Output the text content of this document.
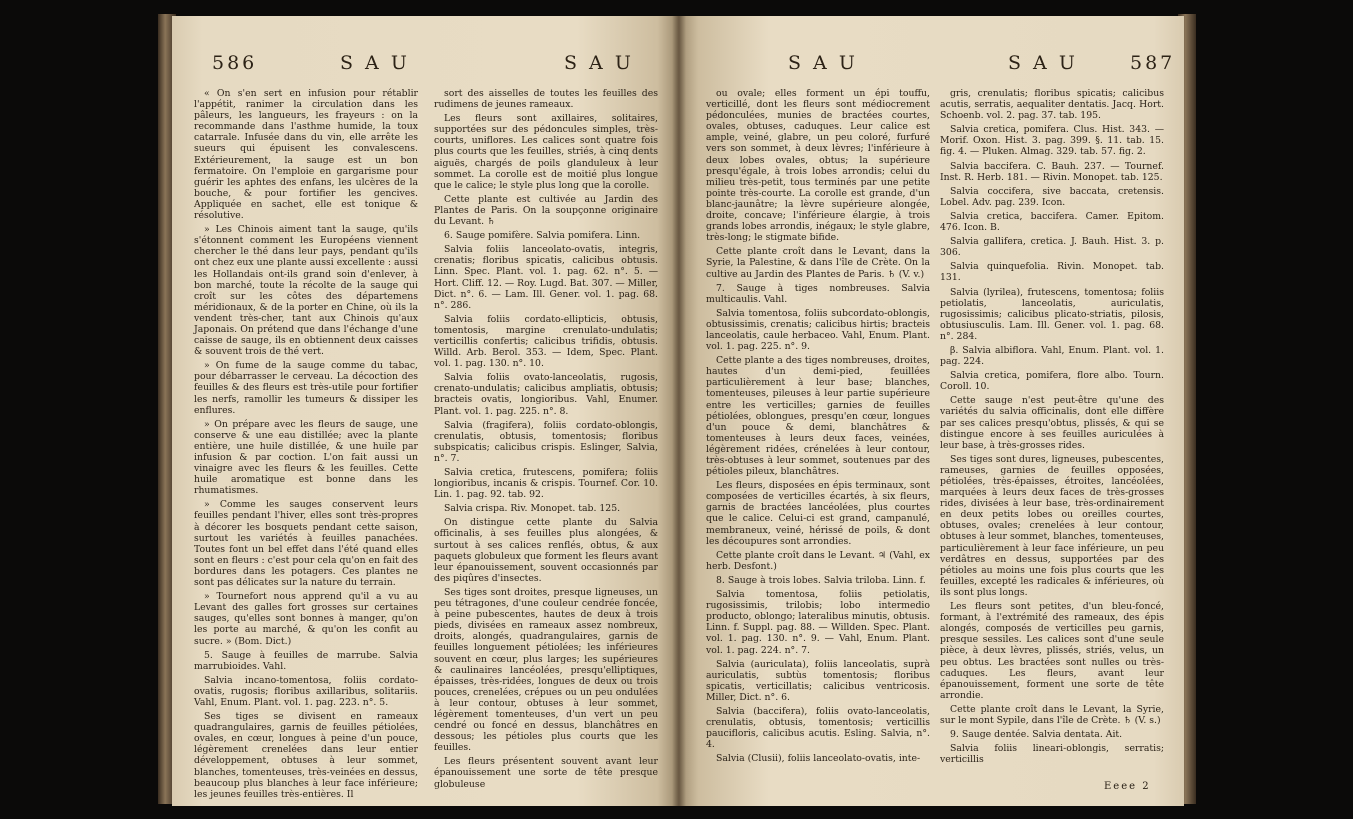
586	S A U	S A U

« On s'en sert en infusion pour rétablir l'appétit, ranimer la circulation dans les pâleurs, les langueurs, les frayeurs : on la recommande dans l'asthme humide, la toux catarrale. Infusée dans du vin, elle arrête les sueurs qui épuisent les convalescens. Extérieurement, la sauge est un bon fermatoire. On l'emploie en gargarisme pour guérir les aphtes des enfans, les ulcères de la bouche, & pour fortifier les gencives. Appliquée en sachet, elle est tonique & résolutive.

» Les Chinois aiment tant la sauge, qu'ils s'étonnent comment les Européens viennent chercher le thé dans leur pays, pendant qu'ils ont chez eux une plante aussi excellente : aussi les Hollandais ont-ils grand soin d'enlever, à bon marché, toute la récolte de la sauge qui croît sur les côtes des départemens méridionaux, & de la porter en Chine, où ils la vendent très-cher, tant aux Chinois qu'aux Japonais. On prétend que dans l'échange d'une caisse de sauge, ils en obtiennent deux caisses & souvent trois de thé vert.

» On fume de la sauge comme du tabac, pour débarrasser le cerveau. La décoction des feuilles & des fleurs est très-utile pour fortifier les nerfs, ramollir les tumeurs & dissiper les enflures.

» On prépare avec les fleurs de sauge, une conserve & une eau distillée; avec la plante entière, une huile distillée, & une huile par infusion & par coction. L'on fait aussi un vinaigre avec les fleurs & les feuilles. Cette huile aromatique est bonne dans les rhumatismes.

» Comme les sauges conservent leurs feuilles pendant l'hiver, elles sont très-propres à décorer les bosquets pendant cette saison, surtout les variétés à feuilles panachées. Toutes font un bel effet dans l'été quand elles sont en fleurs : c'est pour cela qu'on en fait des bordures dans les potagers. Ces plantes ne sont pas délicates sur la nature du terrain.

» Tournefort nous apprend qu'il a vu au Levant des galles fort grosses sur certaines sauges, qu'elles sont bonnes à manger, qu'on les porte au marché, & qu'on les confit au sucre. » (Bom. Dict.)

5. Sauge à feuilles de marrube. Salvia marrubioides. Vahl.

Salvia incano-tomentosa, foliis cordato-ovatis, rugosis; floribus axillaribus, solitariis. Vahl, Enum. Plant. vol. 1. pag. 223. n°. 5.

Ses tiges se divisent en rameaux quadrangulaires, garnis de feuilles pétiolées, ovales, en cœur, longues à peine d'un pouce, légèrement crenelées dans leur entier développement, obtuses à leur sommet, blanches, tomenteuses, très-veinées en dessus, beaucoup plus blanches à leur face inférieure; les jeunes feuilles très-entières. Il

sort des aisselles de toutes les feuilles des rudimens de jeunes rameaux.

Les fleurs sont axillaires, solitaires, supportées sur des pédoncules simples, très-courts, uniflores. Les calices sont quatre fois plus courts que les feuilles, striés, à cinq dents aiguës, chargés de poils glanduleux à leur sommet. La corolle est de moitié plus longue que le calice; le style plus long que la corolle.

Cette plante est cultivée au Jardin des Plantes de Paris. On la soupçonne originaire du Levant. ♄

6. Sauge pomifère. Salvia pomifera. Linn.

Salvia foliis lanceolato-ovatis, integris, crenatis; floribus spicatis, calicibus obtusis. Linn. Spec. Plant. vol. 1. pag. 62. n°. 5. — Hort. Cliff. 12. — Roy. Lugd. Bat. 307. — Miller, Dict. n°. 6. — Lam. Ill. Gener. vol. 1. pag. 68. n°. 286.

Salvia foliis cordato-ellipticis, obtusis, tomentosis, margine crenulato-undulatis; verticillis confertis; calicibus trifidis, obtusis. Willd. Arb. Berol. 353. — Idem, Spec. Plant. vol. 1. pag. 130. n°. 10.

Salvia foliis ovato-lanceolatis, rugosis, crenato-undulatis; calicibus ampliatis, obtusis; bracteis ovatis, longioribus. Vahl, Enumer. Plant. vol. 1. pag. 225. n°. 8.

Salvia (fragifera), foliis cordato-oblongis, crenulatis, obtusis, tomentosis; floribus subspicatis; calicibus crispis. Eslinger, Salvia, n°. 7.

Salvia cretica, frutescens, pomifera; foliis longioribus, incanis & crispis. Tournef. Cor. 10. Lin. 1. pag. 92. tab. 92.

Salvia crispa. Riv. Monopet. tab. 125.

On distingue cette plante du Salvia officinalis, à ses feuilles plus alongées, & surtout à ses calices renflés, obtus, & aux paquets globuleux que forment les fleurs avant leur épanouissement, souvent occasionnés par des piqûres d'insectes.

Ses tiges sont droites, presque ligneuses, un peu tétragones, d'une couleur cendrée foncée, à peine pubescentes, hautes de deux à trois pieds, divisées en rameaux assez nombreux, droits, alongés, quadrangulaires, garnis de feuilles longuement pétiolées; les inférieures souvent en cœur, plus larges; les supérieures & caulinaires lancéolées, presqu'elliptiques, épaisses, très-ridées, longues de deux ou trois pouces, crenelées, crépues ou un peu ondulées à leur contour, obtuses à leur sommet, légèrement tomenteuses, d'un vert un peu cendré ou foncé en dessus, blanchâtres en dessous; les pétioles plus courts que les feuilles.

Les fleurs présentent souvent avant leur épanouissement une sorte de tête presque globuleuse

S A U	S A U	587

ou ovale; elles forment un épi touffu, verticillé, dont les fleurs sont médiocrement pédonculées, munies de bractées courtes, ovales, obtuses, caduques. Leur calice est ample, veiné, glabre, un peu coloré, furfuré vers son sommet, à deux lèvres; l'inférieure à deux lobes ovales, obtus; la supérieure presqu'égale, à trois lobes arrondis; celui du milieu très-petit, tous terminés par une petite pointe très-courte. La corolle est grande, d'un blanc-jaunâtre; la lèvre supérieure alongée, droite, concave; l'inférieure élargie, à trois grands lobes arrondis, inégaux; le style glabre, très-long; le stigmate bifide.

Cette plante croît dans le Levant, dans la Syrie, la Palestine, & dans l'île de Crète. On la cultive au Jardin des Plantes de Paris. ♄ (V. v.)

7. Sauge à tiges nombreuses. Salvia multicaulis. Vahl.

Salvia tomentosa, foliis subcordato-oblongis, obtusissimis, crenatis; calicibus hirtis; bracteis lanceolatis, caule herbaceo. Vahl, Enum. Plant. vol. 1. pag. 225. n°. 9.

Cette plante a des tiges nombreuses, droites, hautes d'un demi-pied, feuillées particulièrement à leur base; blanches, tomenteuses, pileuses à leur partie supérieure entre les verticilles; garnies de feuilles pétiolées, oblongues, presqu'en cœur, longues d'un pouce & demi, blanchâtres & tomenteuses à leurs deux faces, veinées, légèrement ridées, crénelées à leur contour, très-obtuses à leur sommet, soutenues par des pétioles pileux, blanchâtres.

Les fleurs, disposées en épis terminaux, sont composées de verticilles écartés, à six fleurs, garnis de bractées lancéolées, plus courtes que le calice. Celui-ci est grand, campanulé, membraneux, veiné, hérissé de poils, & dont les découpures sont arrondies.

Cette plante croît dans le Levant. ♃ (Vahl, ex herb. Desfont.)

8. Sauge à trois lobes. Salvia triloba. Linn. f.

Salvia tomentosa, foliis petiolatis, rugosissimis, trilobis; lobo intermedio producto, oblongo; lateralibus minutis, obtusis. Linn. f. Suppl. pag. 88. — Willden. Spec. Plant. vol. 1. pag. 130. n°. 9. — Vahl, Enum. Plant. vol. 1. pag. 224. n°. 7.

Salvia (auriculata), foliis lanceolatis, suprà auriculatis, subtùs tomentosis; floribus spicatis, verticillatis; calicibus ventricosis. Miller, Dict. n°. 6.

Salvia (baccifera), foliis ovato-lanceolatis, crenulatis, obtusis, tomentosis; verticillis paucifloris, calicibus acutis. Esling. Salvia, n°. 4.

Salvia (Clusii), foliis lanceolato-ovatis, inte-

gris, crenulatis; floribus spicatis; calicibus acutis, serratis, aequaliter dentatis. Jacq. Hort. Schoenb. vol. 2. pag. 37. tab. 195.

Salvia cretica, pomifera. Clus. Hist. 343. — Morif. Oxon. Hist. 3. pag. 399. §. 11. tab. 15. fig. 4. — Pluken. Almag. 329. tab. 57. fig. 2.

Salvia baccifera. C. Bauh. 237. — Tournef. Inst. R. Herb. 181. — Rivin. Monopet. tab. 125.

Salvia coccifera, sive baccata, cretensis. Lobel. Adv. pag. 239. Icon.

Salvia cretica, baccifera. Camer. Epitom. 476. Icon. B.

Salvia gallifera, cretica. J. Bauh. Hist. 3. p. 306.

Salvia quinquefolia. Rivin. Monopet. tab. 131.

Salvia (lyrilea), frutescens, tomentosa; foliis petiolatis, lanceolatis, auriculatis, rugosissimis; calicibus plicato-striatis, pilosis, obtusiusculis. Lam. Ill. Gener. vol. 1. pag. 68. n°. 284.

β. Salvia albiflora. Vahl, Enum. Plant. vol. 1. pag. 224.

Salvia cretica, pomifera, flore albo. Tourn. Coroll. 10.

Cette sauge n'est peut-être qu'une des variétés du salvia officinalis, dont elle diffère par ses calices presqu'obtus, plissés, & qui se distingue encore à ses feuilles auriculées à leur base, à très-grosses rides.

Ses tiges sont dures, ligneuses, pubescentes, rameuses, garnies de feuilles opposées, pétiolées, très-épaisses, étroites, lancéolées, marquées à leurs deux faces de très-grosses rides, divisées à leur base, très-ordinairement en deux petits lobes ou oreilles courtes, obtuses, ovales; crenelées à leur contour, obtuses à leur sommet, blanches, tomenteuses, particulièrement à leur face inférieure, un peu verdâtres en dessus, supportées par des pétioles au moins une fois plus courts que les feuilles, excepté les radicales & inférieures, où ils sont plus longs.

Les fleurs sont petites, d'un bleu-foncé, formant, à l'extrémité des rameaux, des épis alongés, composés de verticilles peu garnis, presque sessiles. Les calices sont d'une seule pièce, à deux lèvres, plissés, striés, velus, un peu obtus. Les bractées sont nulles ou très-caduques. Les fleurs, avant leur épanouissement, forment une sorte de tête arrondie.

Cette plante croît dans le Levant, la Syrie, sur le mont Sypile, dans l'île de Crète. ♄ (V. s.)

9. Sauge dentée. Salvia dentata. Ait.

Salvia foliis lineari-oblongis, serratis; verticillis

Eeee 2
